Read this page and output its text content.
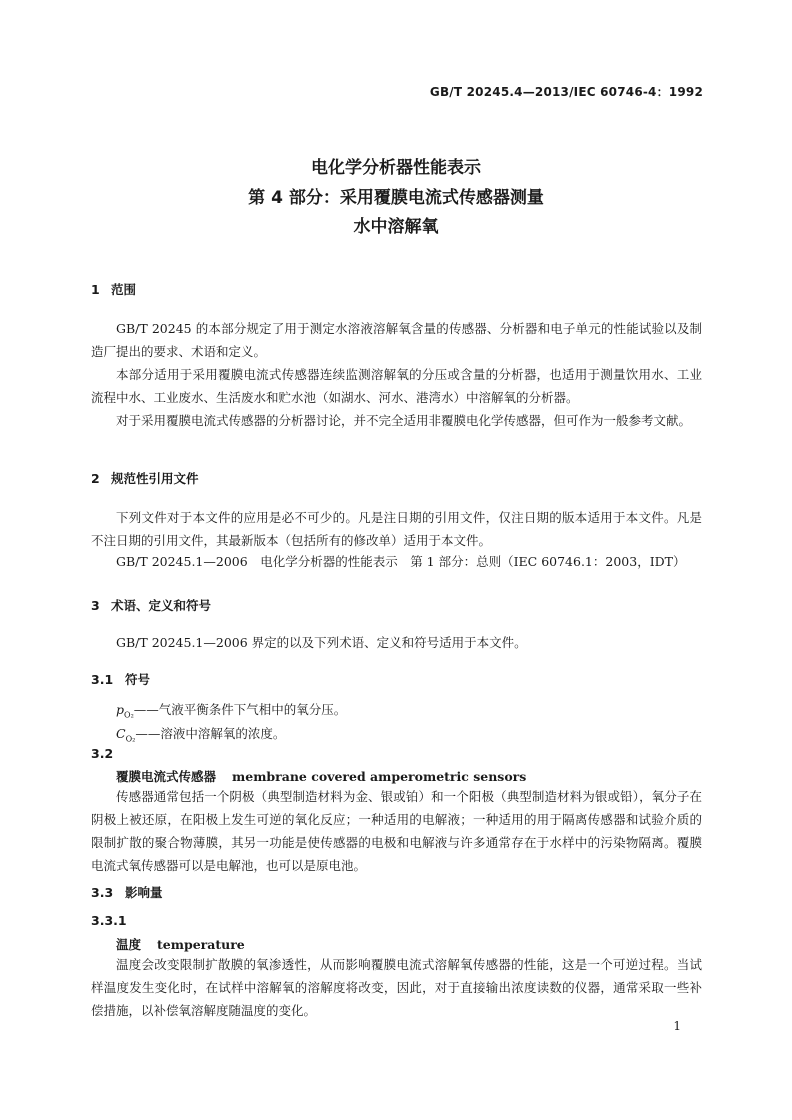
GB/T 20245.4—2013/IEC 60746-4：1992
电化学分析器性能表示
第 4 部分：采用覆膜电流式传感器测量
水中溶解氧
1 范围
GB/T 20245 的本部分规定了用于测定水溶液溶解氧含量的传感器、分析器和电子单元的性能试验以及制造厂提出的要求、术语和定义。
本部分适用于采用覆膜电流式传感器连续监测溶解氧的分压或含量的分析器，也适用于测量饮用水、工业流程中水、工业废水、生活废水和贮水池（如湖水、河水、港湾水）中溶解氧的分析器。
对于采用覆膜电流式传感器的分析器讨论，并不完全适用非覆膜电化学传感器，但可作为一般参考文献。
2 规范性引用文件
下列文件对于本文件的应用是必不可少的。凡是注日期的引用文件，仅注日期的版本适用于本文件。凡是不注日期的引用文件，其最新版本（包括所有的修改单）适用于本文件。
GB/T 20245.1—2006　电化学分析器的性能表示　第 1 部分：总则（IEC 60746.1：2003，IDT）
3 术语、定义和符号
GB/T 20245.1—2006 界定的以及下列术语、定义和符号适用于本文件。
3.1 符号
$p_{O_2}——$气液平衡条件下气相中的氧分压。
$C_{O_2}——$溶液中溶解氧的浓度。
3.2
覆膜电流式传感器 membrane covered amperometric sensors
传感器通常包括一个阴极（典型制造材料为金、银或铂）和一个阳极（典型制造材料为银或铅），氧分子在阴极上被还原，在阳极上发生可逆的氧化反应；一种适用的电解液；一种适用的用于隔离传感器和试验介质的限制扩散的聚合物薄膜，其另一功能是使传感器的电极和电解液与许多通常存在于水样中的污染物隔离。覆膜电流式氧传感器可以是电解池，也可以是原电池。
3.3 影响量
3.3.1
温度 temperature
温度会改变限制扩散膜的氧渗透性，从而影响覆膜电流式溶解氧传感器的性能，这是一个可逆过程。当试样温度发生变化时，在试样中溶解氧的溶解度将改变，因此，对于直接输出浓度读数的仪器，通常采取一些补偿措施，以补偿氧溶解度随温度的变化。
1
